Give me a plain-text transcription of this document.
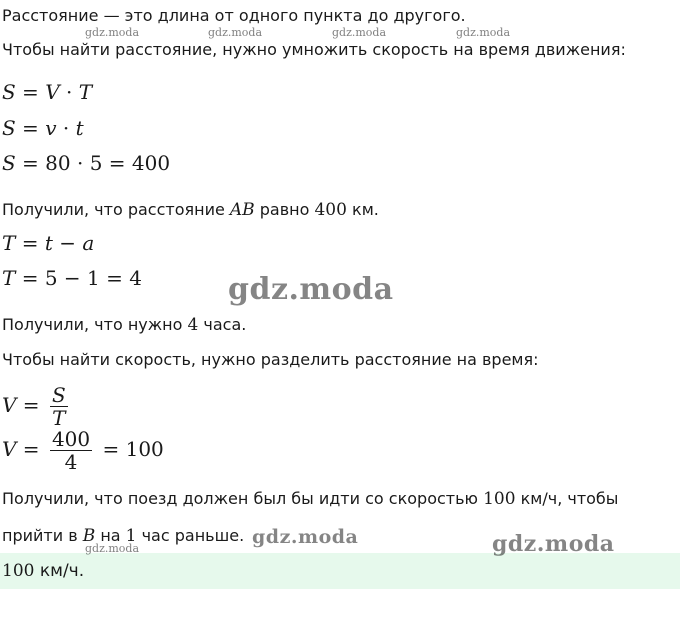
Расстояние — это длина от одного пункта до другого.
Чтобы найти расстояние, нужно умножить скорость на время движения:
S = V · T
S = v · t
S = 80 · 5 = 400
Получили, что расстояние AB равно 400 км.
T = t − a
T = 5 − 1 = 4
Получили, что нужно 4 часа.
Чтобы найти скорость, нужно разделить расстояние на время:
$V = \frac{S}{T}$
$V = \frac{400}{4} = 100$
Получили, что поезд должен был бы идти со скоростью 100 км/ч, чтобы
прийти в B на 1 час раньше.
100 км/ч.
gdz.moda	gdz.moda	gdz.moda	gdz.moda
gdz.moda
gdz.moda
gdz.moda	gdz.moda
